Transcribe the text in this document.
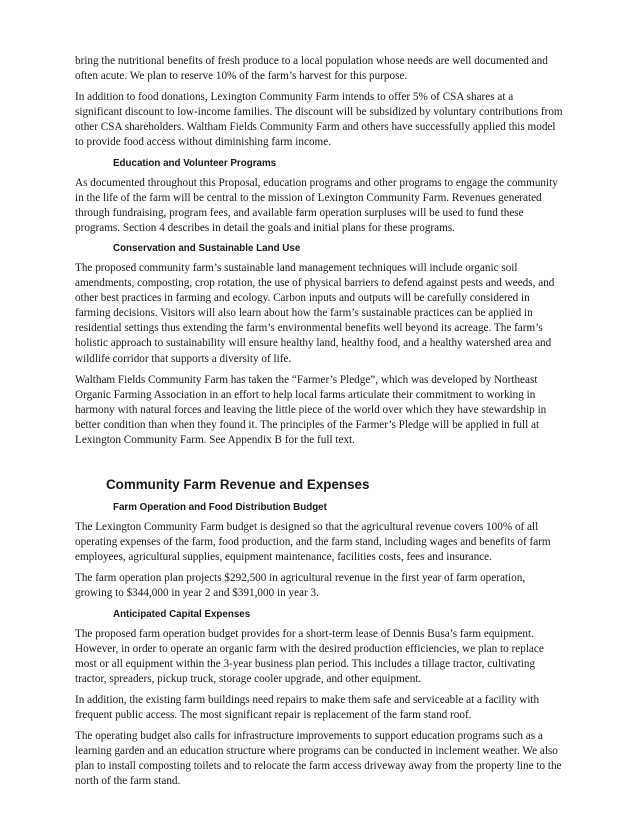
bring the nutritional benefits of fresh produce to a local population whose needs are well documented and often acute. We plan to reserve 10% of the farm’s harvest for this purpose.

In addition to food donations, Lexington Community Farm intends to offer 5% of CSA shares at a significant discount to low-income families. The discount will be subsidized by voluntary contributions from other CSA shareholders. Waltham Fields Community Farm and others have successfully applied this model to provide food access without diminishing farm income.

Education and Volunteer Programs

As documented throughout this Proposal, education programs and other programs to engage the community in the life of the farm will be central to the mission of Lexington Community Farm. Revenues generated through fundraising, program fees, and available farm operation surpluses will be used to fund these programs. Section 4 describes in detail the goals and initial plans for these programs.

Conservation and Sustainable Land Use

The proposed community farm’s sustainable land management techniques will include organic soil amendments, composting, crop rotation, the use of physical barriers to defend against pests and weeds, and other best practices in farming and ecology. Carbon inputs and outputs will be carefully considered in farming decisions. Visitors will also learn about how the farm’s sustainable practices can be applied in residential settings thus extending the farm’s environmental benefits well beyond its acreage. The farm’s holistic approach to sustainability will ensure healthy land, healthy food, and a healthy watershed area and wildlife corridor that supports a diversity of life.

Waltham Fields Community Farm has taken the “Farmer’s Pledge”, which was developed by Northeast Organic Farming Association in an effort to help local farms articulate their commitment to working in harmony with natural forces and leaving the little piece of the world over which they have stewardship in better condition than when they found it. The principles of the Farmer’s Pledge will be applied in full at Lexington Community Farm. See Appendix B for the full text.

Community Farm Revenue and Expenses
Farm Operation and Food Distribution Budget

The Lexington Community Farm budget is designed so that the agricultural revenue covers 100% of all operating expenses of the farm, food production, and the farm stand, including wages and benefits of farm employees, agricultural supplies, equipment maintenance, facilities costs, fees and insurance.

The farm operation plan projects $292,500 in agricultural revenue in the first year of farm operation, growing to $344,000 in year 2 and $391,000 in year 3.

Anticipated Capital Expenses

The proposed farm operation budget provides for a short-term lease of Dennis Busa’s farm equipment. However, in order to operate an organic farm with the desired production efficiencies, we plan to replace most or all equipment within the 3-year business plan period. This includes a tillage tractor, cultivating tractor, spreaders, pickup truck, storage cooler upgrade, and other equipment.

In addition, the existing farm buildings need repairs to make them safe and serviceable at a facility with frequent public access. The most significant repair is replacement of the farm stand roof.

The operating budget also calls for infrastructure improvements to support education programs such as a learning garden and an education structure where programs can be conducted in inclement weather. We also plan to install composting toilets and to relocate the farm access driveway away from the property line to the north of the farm stand.
